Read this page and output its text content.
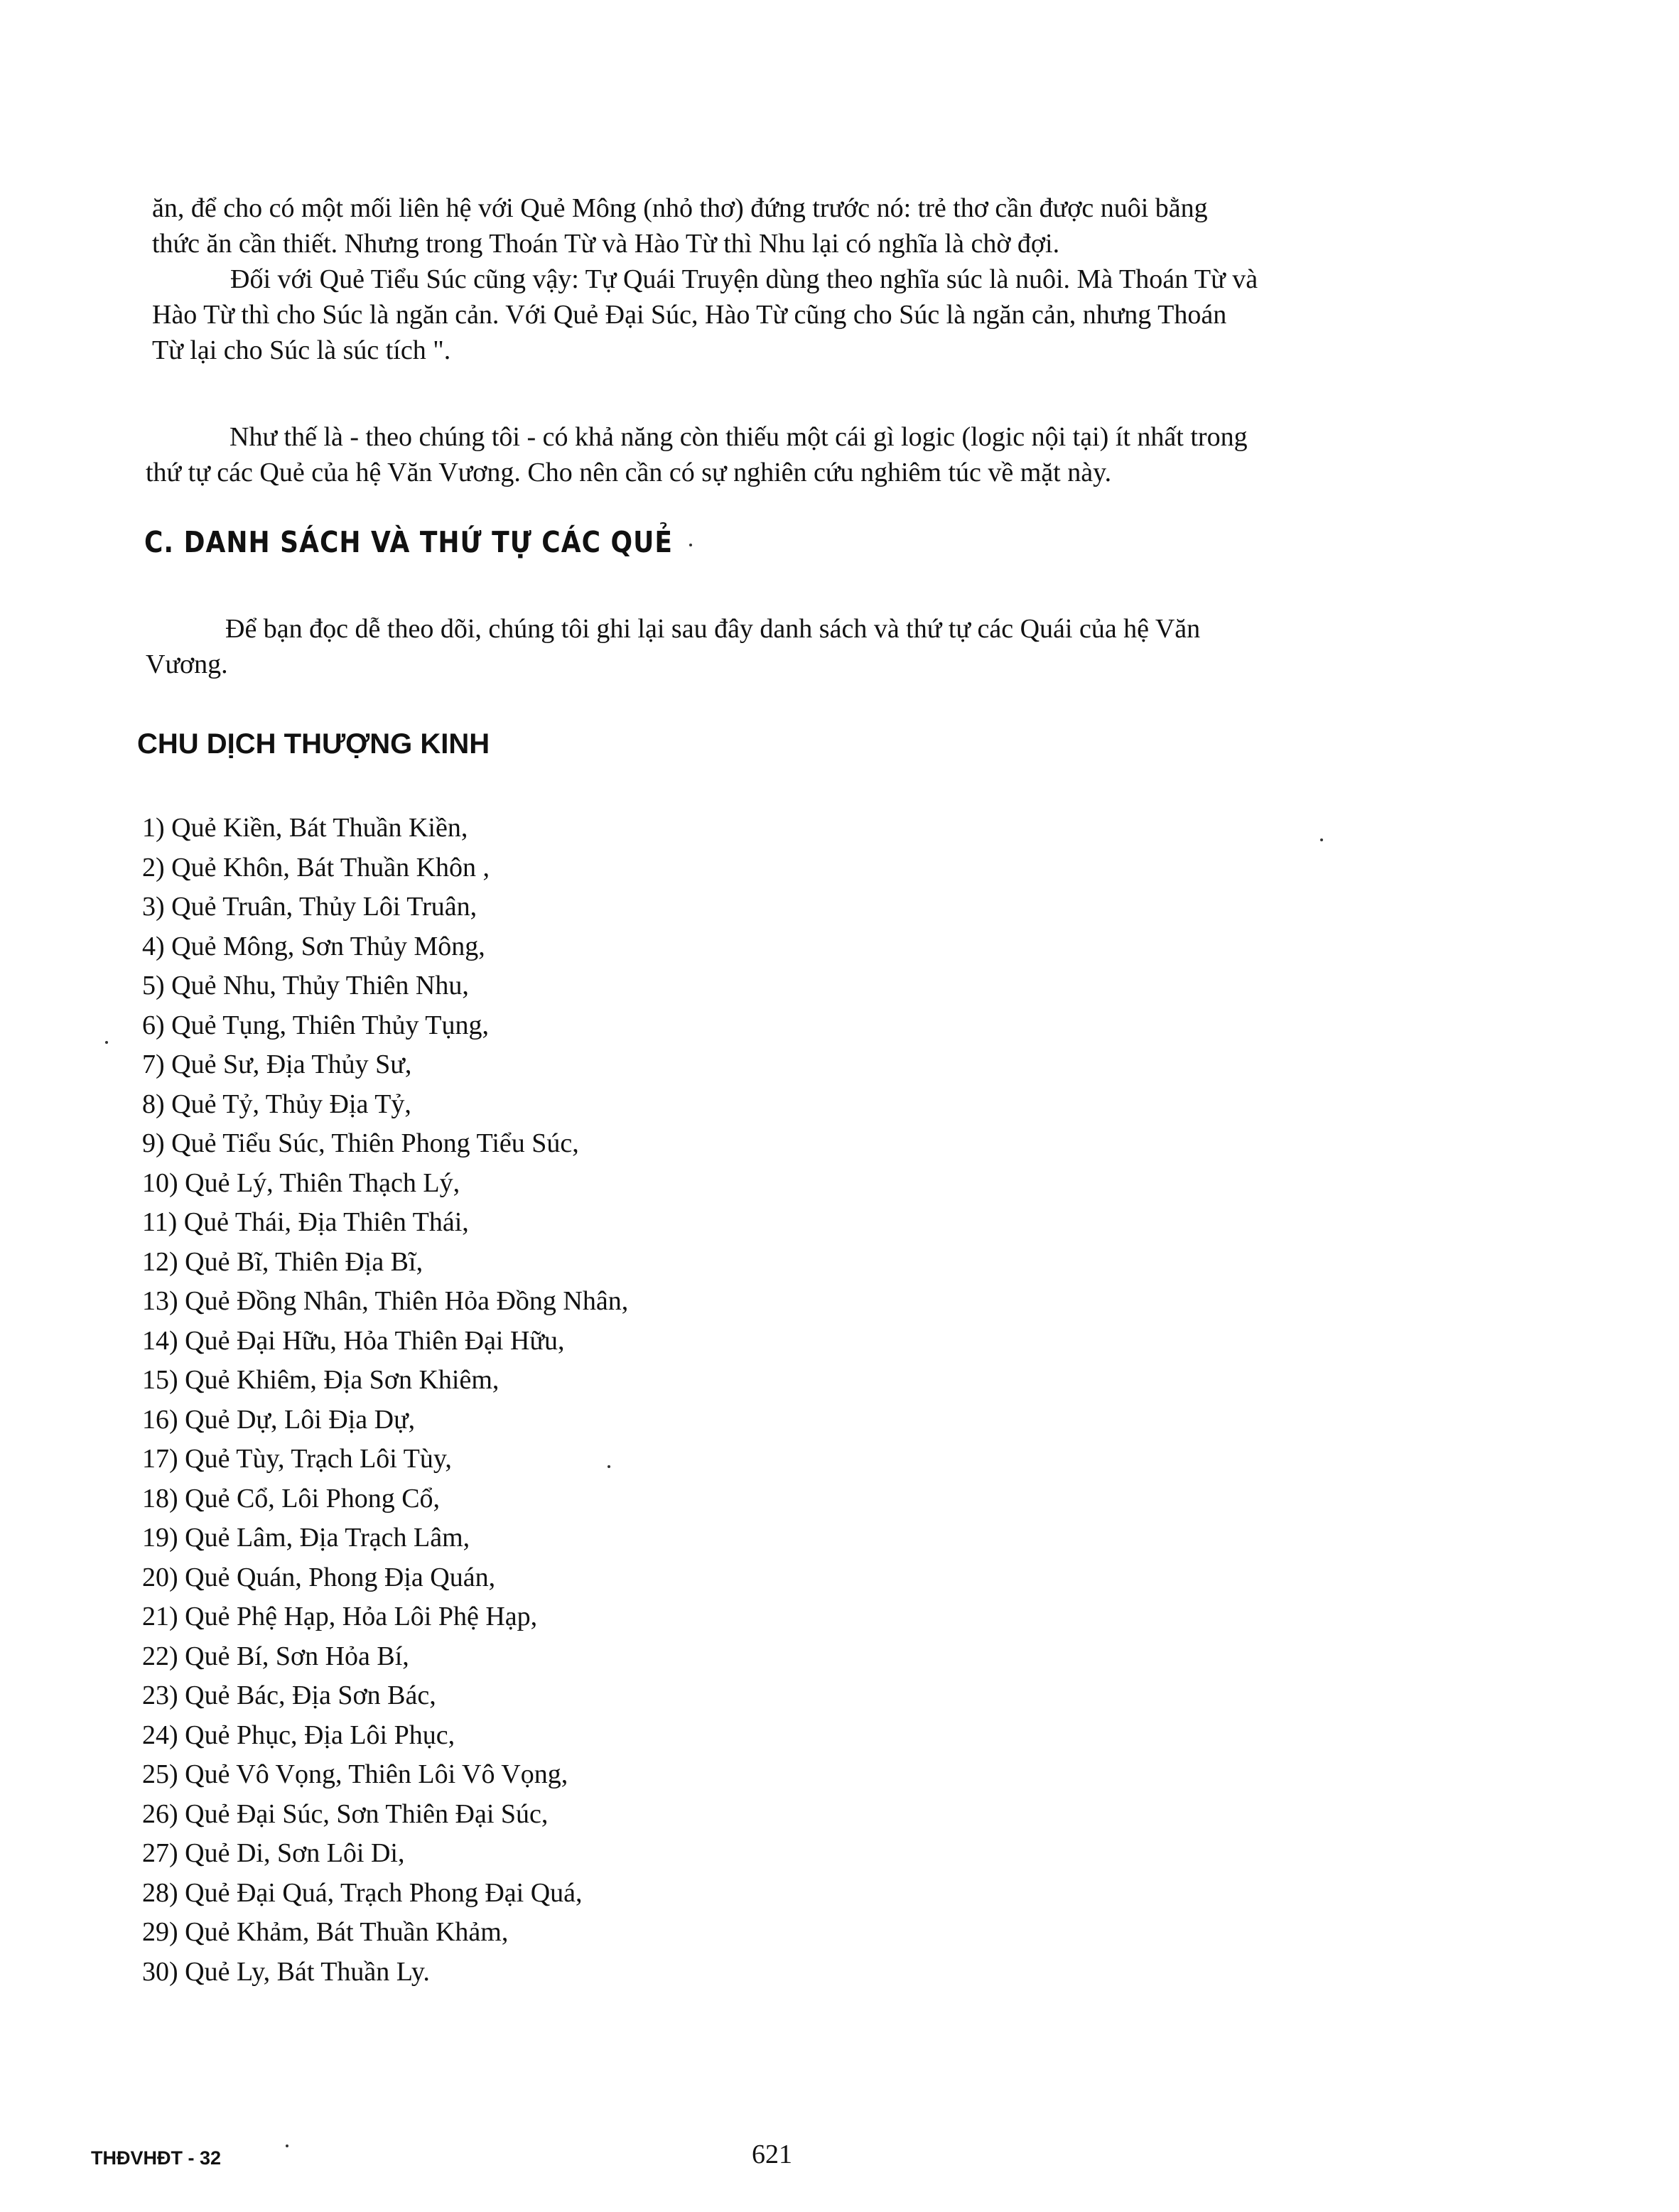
ăn, để cho có một mối liên hệ với Quẻ Mông (nhỏ thơ) đứng trước nó: trẻ thơ cần được nuôi bằng
thức ăn cần thiết. Nhưng trong Thoán Từ và Hào Từ thì Nhu lại có nghĩa là chờ đợi.
Đối với Quẻ Tiểu Súc cũng vậy: Tự Quái Truyện dùng theo nghĩa súc là nuôi. Mà Thoán Từ và
Hào Từ thì cho Súc là ngăn cản. Với Quẻ Đại Súc, Hào Từ cũng cho Súc là ngăn cản, nhưng Thoán
Từ lại cho Súc là súc tích ".
Như thế là - theo chúng tôi - có khả năng còn thiếu một cái gì logic (logic nội tại) ít nhất trong
thứ tự các Quẻ của hệ Văn Vương. Cho nên cần có sự nghiên cứu nghiêm túc về mặt này.
C. DANH SÁCH VÀ THỨ TỰ CÁC QUẺ
Để bạn đọc dễ theo dõi, chúng tôi ghi lại sau đây danh sách và thứ tự các Quái của hệ Văn
Vương.
CHU DỊCH THƯỢNG KINH
1) Quẻ Kiền, Bát Thuần Kiền,
2) Quẻ Khôn, Bát Thuần Khôn ,
3) Quẻ Truân, Thủy Lôi Truân,
4) Quẻ Mông, Sơn Thủy Mông,
5) Quẻ Nhu, Thủy Thiên Nhu,
6) Quẻ Tụng, Thiên Thủy Tụng,
7) Quẻ Sư, Địa Thủy Sư,
8) Quẻ Tỷ, Thủy Địa Tỷ,
9) Quẻ Tiểu Súc, Thiên Phong Tiểu Súc,
10) Quẻ Lý, Thiên Thạch Lý,
11) Quẻ Thái, Địa Thiên Thái,
12) Quẻ Bĩ, Thiên Địa Bĩ,
13) Quẻ Đồng Nhân, Thiên Hỏa Đồng Nhân,
14) Quẻ Đại Hữu, Hỏa Thiên Đại Hữu,
15) Quẻ Khiêm, Địa Sơn Khiêm,
16) Quẻ Dự, Lôi Địa Dự,
17) Quẻ Tùy, Trạch Lôi Tùy,
18) Quẻ Cổ, Lôi Phong Cổ,
19) Quẻ Lâm, Địa Trạch Lâm,
20) Quẻ Quán, Phong Địa Quán,
21) Quẻ Phệ Hạp, Hỏa Lôi Phệ Hạp,
22) Quẻ Bí, Sơn Hỏa Bí,
23) Quẻ Bác, Địa Sơn Bác,
24) Quẻ Phục, Địa Lôi Phục,
25) Quẻ Vô Vọng, Thiên Lôi Vô Vọng,
26) Quẻ Đại Súc, Sơn Thiên Đại Súc,
27) Quẻ Di, Sơn Lôi Di,
28) Quẻ Đại Quá, Trạch Phong Đại Quá,
29) Quẻ Khảm, Bát Thuần Khảm,
30) Quẻ Ly, Bát Thuần Ly.
THĐVHĐT - 32	621
